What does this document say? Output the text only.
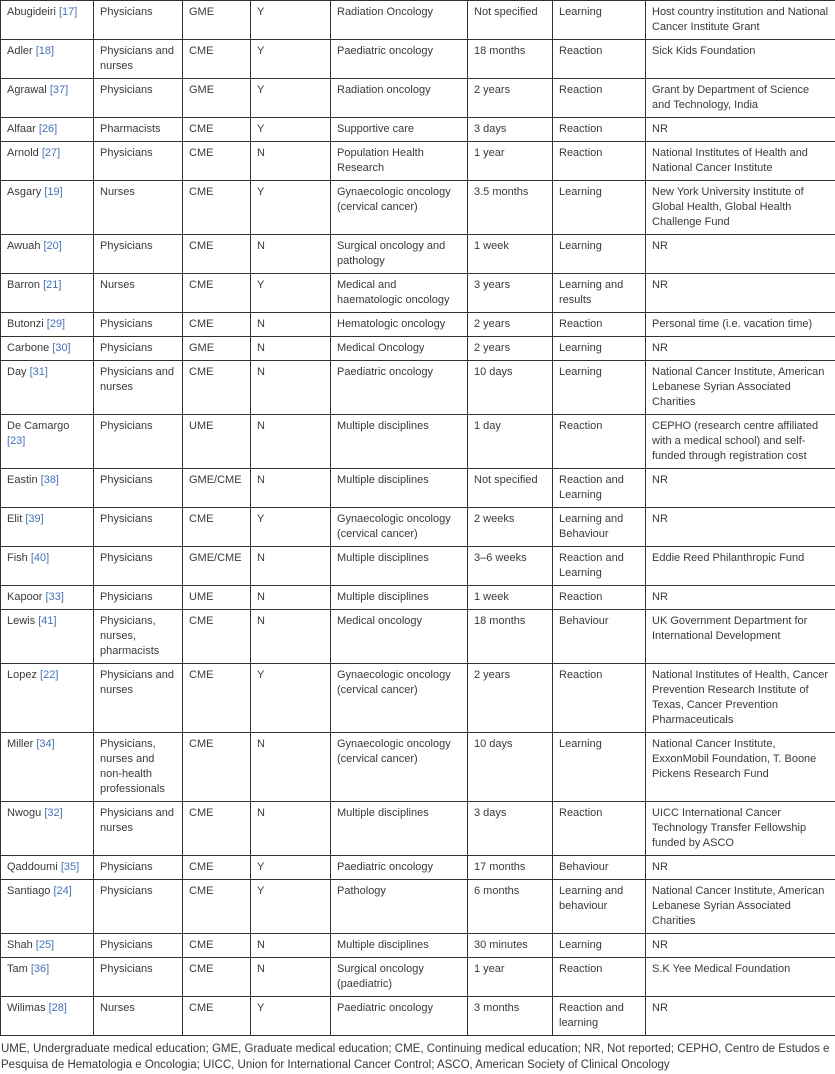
Abugideiri [17]	Physicians	GME	Y	Radiation Oncology	Not specified	Learning	Host country institution and National Cancer Institute Grant
Adler [18]	Physicians and nurses	CME	Y	Paediatric oncology	18 months	Reaction	Sick Kids Foundation
Agrawal [37]	Physicians	GME	Y	Radiation oncology	2 years	Reaction	Grant by Department of Science and Technology, India
Alfaar [26]	Pharmacists	CME	Y	Supportive care	3 days	Reaction	NR
Arnold [27]	Physicians	CME	N	Population Health Research	1 year	Reaction	National Institutes of Health and National Cancer Institute
Asgary [19]	Nurses	CME	Y	Gynaecologic oncology (cervical cancer)	3.5 months	Learning	New York University Institute of Global Health, Global Health Challenge Fund
Awuah [20]	Physicians	CME	N	Surgical oncology and pathology	1 week	Learning	NR
Barron [21]	Nurses	CME	Y	Medical and haematologic oncology	3 years	Learning and results	NR
Butonzi [29]	Physicians	CME	N	Hematologic oncology	2 years	Reaction	Personal time (i.e. vacation time)
Carbone [30]	Physicians	GME	N	Medical Oncology	2 years	Learning	NR
Day [31]	Physicians and nurses	CME	N	Paediatric oncology	10 days	Learning	National Cancer Institute, American Lebanese Syrian Associated Charities
De Camargo [23]	Physicians	UME	N	Multiple disciplines	1 day	Reaction	CEPHO (research centre affiliated with a medical school) and self-funded through registration cost
Eastin [38]	Physicians	GME/CME	N	Multiple disciplines	Not specified	Reaction and Learning	NR
Elit [39]	Physicians	CME	Y	Gynaecologic oncology (cervical cancer)	2 weeks	Learning and Behaviour	NR
Fish [40]	Physicians	GME/CME	N	Multiple disciplines	3–6 weeks	Reaction and Learning	Eddie Reed Philanthropic Fund
Kapoor [33]	Physicians	UME	N	Multiple disciplines	1 week	Reaction	NR
Lewis [41]	Physicians, nurses, pharmacists	CME	N	Medical oncology	18 months	Behaviour	UK Government Department for International Development
Lopez [22]	Physicians and nurses	CME	Y	Gynaecologic oncology (cervical cancer)	2 years	Reaction	National Institutes of Health, Cancer Prevention Research Institute of Texas, Cancer Prevention Pharmaceuticals
Miller [34]	Physicians, nurses and non-health professionals	CME	N	Gynaecologic oncology (cervical cancer)	10 days	Learning	National Cancer Institute, ExxonMobil Foundation, T. Boone Pickens Research Fund
Nwogu [32]	Physicians and nurses	CME	N	Multiple disciplines	3 days	Reaction	UICC International Cancer Technology Transfer Fellowship funded by ASCO
Qaddoumi [35]	Physicians	CME	Y	Paediatric oncology	17 months	Behaviour	NR
Santiago [24]	Physicians	CME	Y	Pathology	6 months	Learning and behaviour	National Cancer Institute, American Lebanese Syrian Associated Charities
Shah [25]	Physicians	CME	N	Multiple disciplines	30 minutes	Learning	NR
Tam [36]	Physicians	CME	N	Surgical oncology (paediatric)	1 year	Reaction	S.K Yee Medical Foundation
Wilimas [28]	Nurses	CME	Y	Paediatric oncology	3 months	Reaction and learning	NR
UME, Undergraduate medical education; GME, Graduate medical education; CME, Continuing medical education; NR, Not reported; CEPHO, Centro de Estudos e Pesquisa de Hematologia e Oncologia; UICC, Union for International Cancer Control; ASCO, American Society of Clinical Oncology
